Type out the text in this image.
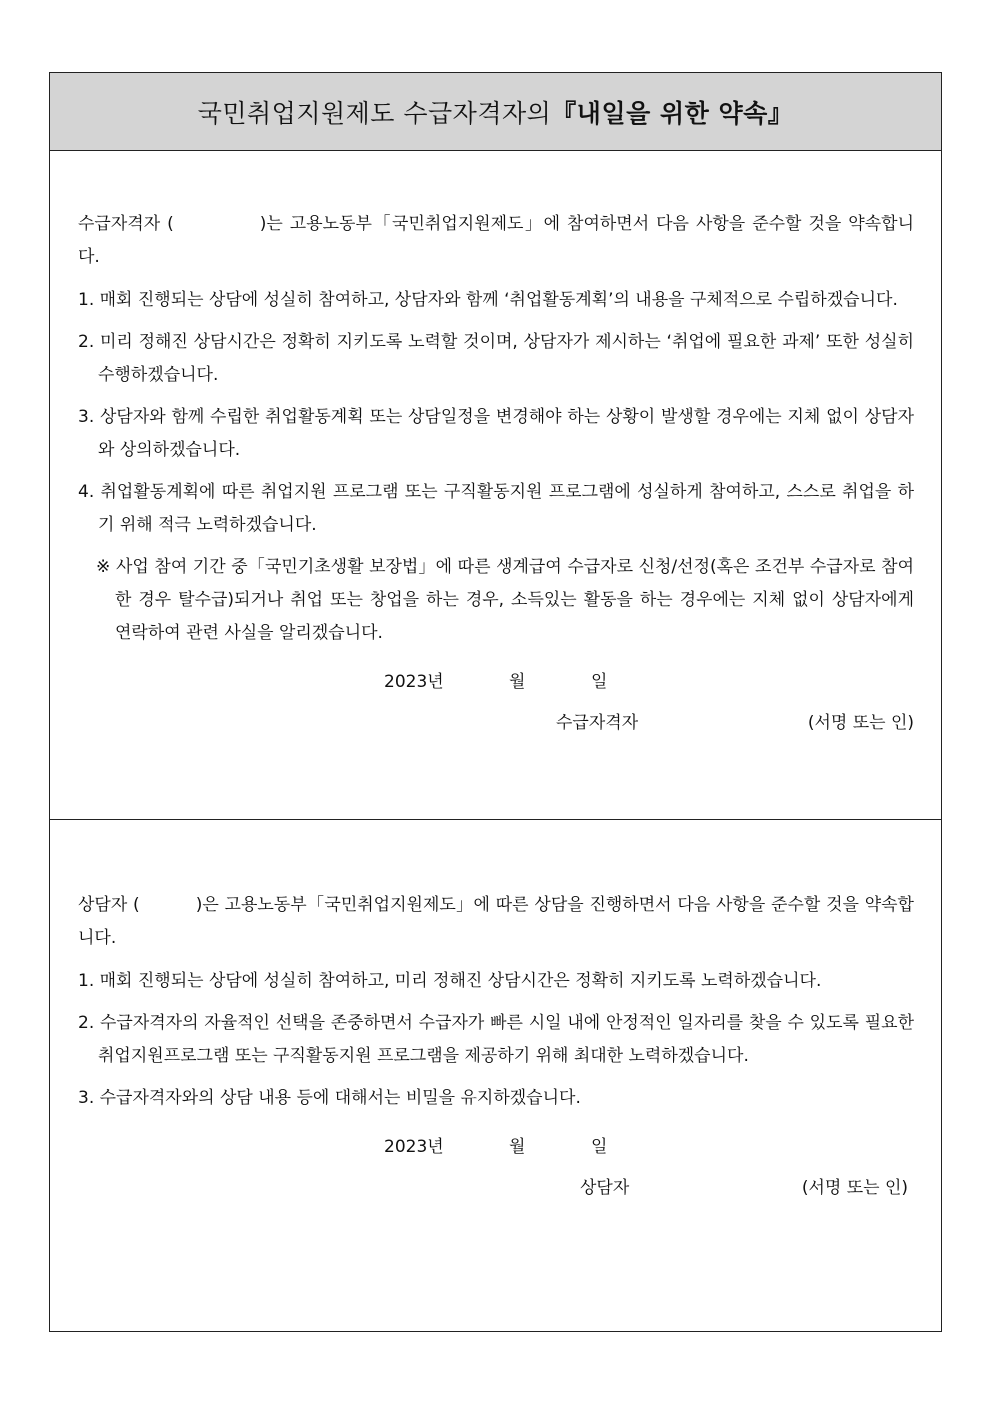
국민취업지원제도 수급자격자의 『 내일을 위한 약속 』

수급자격자 (	)는 고용노동부「국민취업지원제도」에 참여하면서 다음 사항을 준수할 것을 약속합니다.

1. 매회 진행되는 상담에 성실히 참여하고, 상담자와 함께 ‘취업활동계획’의 내용을 구체적으로 수립하겠습니다.

2. 미리 정해진 상담시간은 정확히 지키도록 노력할 것이며, 상담자가 제시하는 ‘취업에 필요한 과제’ 또한 성실히 수행하겠습니다.

3. 상담자와 함께 수립한 취업활동계획 또는 상담일정을 변경해야 하는 상황이 발생할 경우에는 지체 없이 상담자와 상의하겠습니다.

4. 취업활동계획에 따른 취업지원 프로그램 또는 구직활동지원 프로그램에 성실하게 참여하고, 스스로 취업을 하기 위해 적극 노력하겠습니다.

※ 사업 참여 기간 중「국민기초생활 보장법」에 따른 생계급여 수급자로 신청/선정(혹은 조건부 수급자로 참여한 경우 탈수급)되거나 취업 또는 창업을 하는 경우, 소득있는 활동을 하는 경우에는 지체 없이 상담자에게 연락하여 관련 사실을 알리겠습니다.

2023년	월	일
수급자격자	(서명 또는 인)

상담자 (	)은 고용노동부「국민취업지원제도」에 따른 상담을 진행하면서 다음 사항을 준수할 것을 약속합니다.

1. 매회 진행되는 상담에 성실히 참여하고, 미리 정해진 상담시간은 정확히 지키도록 노력하겠습니다.

2. 수급자격자의 자율적인 선택을 존중하면서 수급자가 빠른 시일 내에 안정적인 일자리를 찾을 수 있도록 필요한 취업지원프로그램 또는 구직활동지원 프로그램을 제공하기 위해 최대한 노력하겠습니다.

3. 수급자격자와의 상담 내용 등에 대해서는 비밀을 유지하겠습니다.

2023년	월	일
상담자	(서명 또는 인)
